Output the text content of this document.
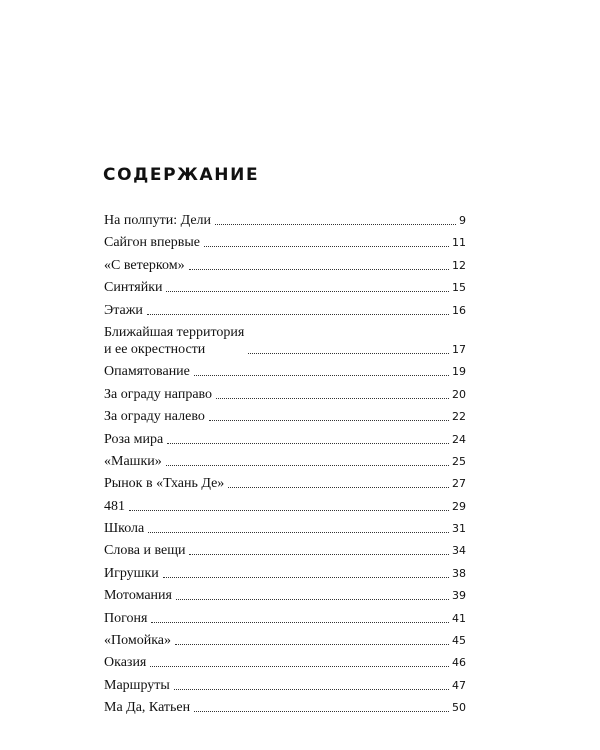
СОДЕРЖАНИЕ
На полпути: Дели	9
Сайгон впервые	11
«С ветерком»	12
Синтяйки	15
Этажи	16
Ближайшая территория
и ее окрестности	17
Опамятование	19
За ограду направо	20
За ограду налево	22
Роза мира	24
«Машки»	25
Рынок в «Тхань Де»	27
481	29
Школа	31
Слова и вещи	34
Игрушки	38
Мотомания	39
Погоня	41
«Помойка»	45
Оказия	46
Маршруты	47
Ма Да, Катьен	50
